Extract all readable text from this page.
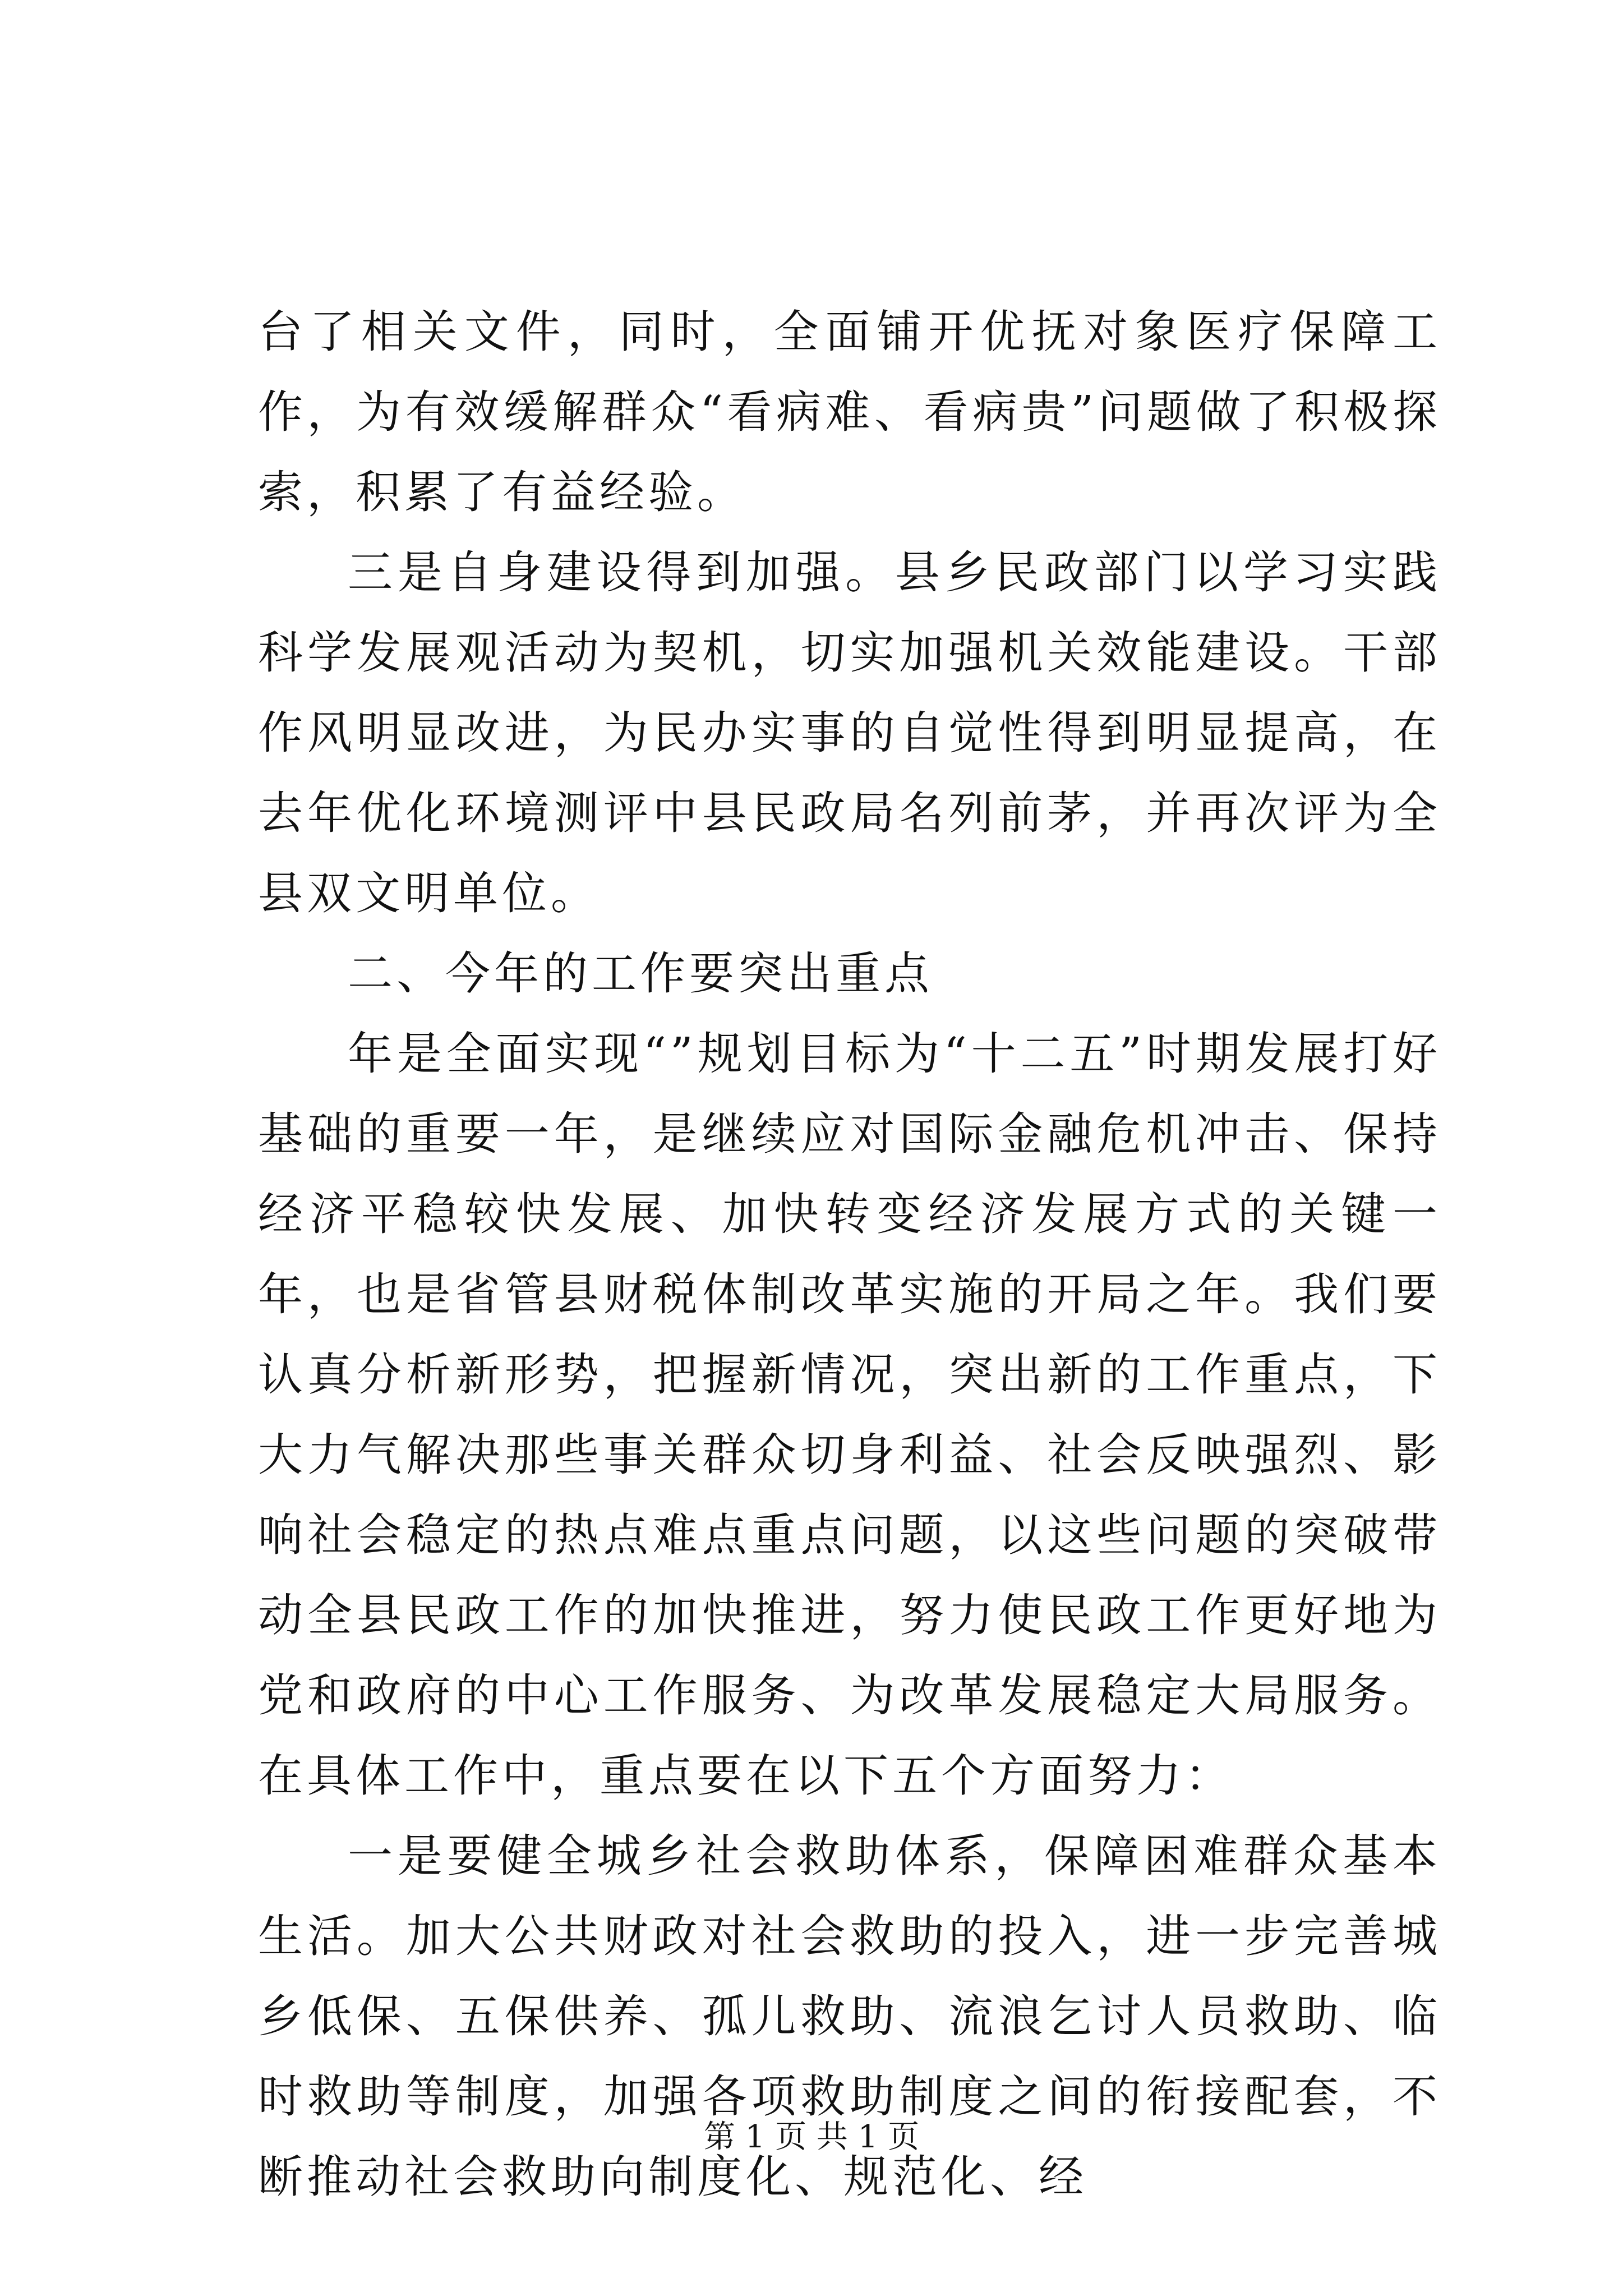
台了相关文件，同时，全面铺开优抚对象医疗保障工作，为有效缓解群众“看病难、看病贵”问题做了积极探索，积累了有益经验。

三是自身建设得到加强。县乡民政部门以学习实践科学发展观活动为契机，切实加强机关效能建设。干部作风明显改进，为民办实事的自觉性得到明显提高，在去年优化环境测评中县民政局名列前茅，并再次评为全县双文明单位。

二、今年的工作要突出重点

年是全面实现“”规划目标为“十二五”时期发展打好基础的重要一年，是继续应对国际金融危机冲击、保持经济平稳较快发展、加快转变经济发展方式的关键一年，也是省管县财税体制改革实施的开局之年。我们要认真分析新形势，把握新情况，突出新的工作重点，下大力气解决那些事关群众切身利益、社会反映强烈、影响社会稳定的热点难点重点问题，以这些问题的突破带动全县民政工作的加快推进，努力使民政工作更好地为党和政府的中心工作服务、为改革发展稳定大局服务。在具体工作中，重点要在以下五个方面努力：

一是要健全城乡社会救助体系，保障困难群众基本生活。加大公共财政对社会救助的投入，进一步完善城乡低保、五保供养、孤儿救助、流浪乞讨人员救助、临时救助等制度，加强各项救助制度之间的衔接配套，不断推动社会救助向制度化、规范化、经

第 1 页 共 1 页
